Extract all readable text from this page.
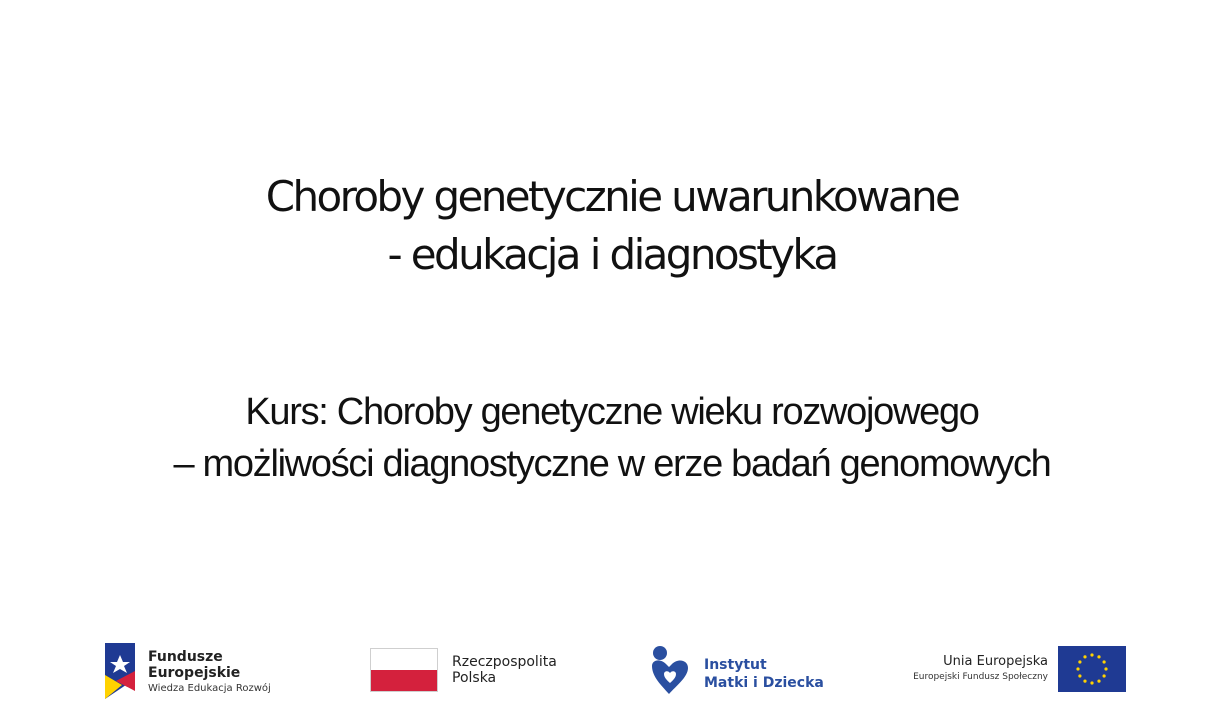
Choroby genetycznie uwarunkowane
- edukacja i diagnostyka
Kurs: Choroby genetyczne wieku rozwojowego
– możliwości diagnostyczne w erze badań genomowych
Fundusze
Europejskie
Wiedza Edukacja Rozwój
Rzeczpospolita
Polska
Instytut
Matki i Dziecka
Unia Europejska
Europejski Fundusz Społeczny
